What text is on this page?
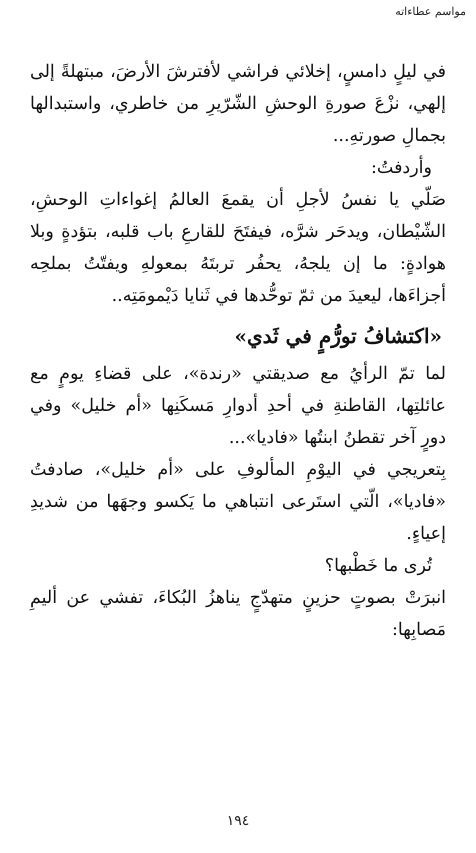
مواسم عطاءاته

في ليلٍ دامسٍ، إخلائي فراشي لأفترشَ الأرضَ، مبتهلةً إلى إلهي، نزْعَ صورةِ الوحشِ الشّرّيرِ من خاطري، واستبدالها بجمالِ صورتهِ...

وأردفتُ:

صَلّي يا نفسُ لأجلِ أن يقمعَ العالمُ إغواءاتِ الوحشِ، الشّيْطان، ويدحَر شرَّه، فيفتَحَ للقارعِ باب قلبه، بتؤدةٍ وبلا هوادةٍ: ما إن يلجهُ، يحفُر تربتَهُ بمعولهِ ويفتّتُ بملحِه أجزاءَها، ليعيدَ من ثمّ توحُّدها في ثَنايا دَيْمومَتِه..

«اكتشافُ تورُّمٍ في ثَدي»

لما تمّ الرأيُ مع صديقتي «رندة»، على قضاءِ يومٍ مع عائلتِها، القاطنةِ في أحدِ أدوارِ مَسكَنِها «أم خليل» وفي دورٍ آخر تقطنُ ابنتُها «فاديا»...

بِتعريجي في اليوْمِ المألوفِ على «أم خليل»، صادفتُ «فاديا»، الّتي استَرعى انتباهي ما يَكسو وجهَها من شديدِ إعياءٍ.

تُرى ما خَطْبها؟

انبرَتْ بصوتٍ حزينٍ متهدّجٍ يناهزُ البُكاءَ، تفشي عن أليمِ مَصابِها:

١٩٤
